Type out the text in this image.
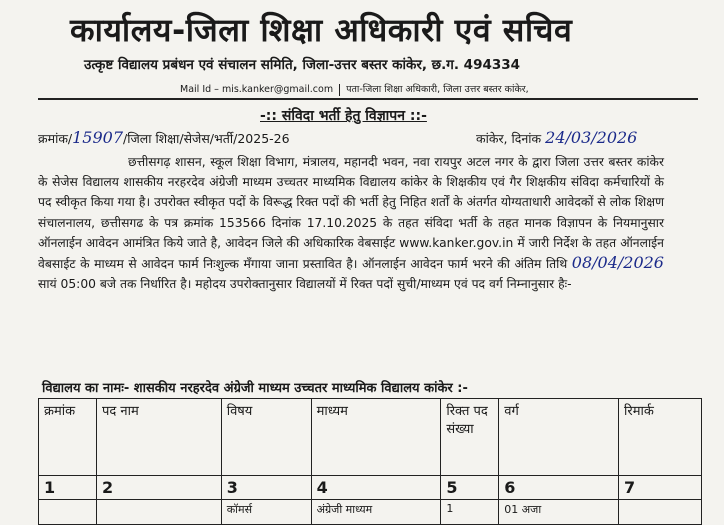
कार्यालय-जिला शिक्षा अधिकारी एवं सचिव
उत्कृष्ट विद्यालय प्रबंधन एवं संचालन समिति, जिला-उत्तर बस्तर कांकेर, छ.ग. 494334
Mail Id – mis.kanker@gmail.com पता-जिला शिक्षा अधिकारी, जिला उत्तर बस्तर कांकेर,
-:: संविदा भर्ती हेतु विज्ञापन ::-
क्रमांक/15907/जिला शिक्षा/सेजेस/भर्ती/2025-26	कांकेर, दिनांक 24/03/2026

छत्तीसगढ़ शासन, स्कूल शिक्षा विभाग, मंत्रालय, महानदी भवन, नवा रायपुर अटल नगर के द्वारा जिला उत्तर बस्तर कांकेर के सेजेस विद्यालय शासकीय नरहरदेव अंग्रेजी माध्यम उच्चतर माध्यमिक विद्यालय कांकेर के शिक्षकीय एवं गैर शिक्षकीय संविदा कर्मचारियों के पद स्वीकृत किया गया है। उपरोक्त स्वीकृत पदों के विरूद्ध रिक्त पदों की भर्ती हेतु निहित शर्तों के अंतर्गत योग्यताधारी आवेदकों से लोक शिक्षण संचालनालय, छत्तीसगढ के पत्र क्रमांक 153566 दिनांक 17.10.2025 के तहत संविदा भर्ती के तहत मानक विज्ञापन के नियमानुसार ऑनलाईन आवेदन आमंत्रित किये जाते है, आवेदन जिले की अधिकारिक वेबसाईट www.kanker.gov.in में जारी निर्देश के तहत ऑनलाईन वेबसाईट के माध्यम से आवेदन फार्म निःशुल्क मँगाया जाना प्रस्तावित है। ऑनलाईन आवेदन फार्म भरने की अंतिम तिथि 08/04/2026 सायं 05:00 बजे तक निर्धारित है। महोदय उपरोक्तानुसार विद्यालयों में रिक्त पदों सुची/माध्यम एवं पद वर्ग निम्नानुसार हैः-

विद्यालय का नामः- शासकीय नरहरदेव अंग्रेजी माध्यम उच्चतर माध्यमिक विद्यालय कांकेर :-
क्रमांक	पद नाम	विषय	माध्यम	रिक्त पद संख्या	वर्ग	रिमार्क
1	2	3	4	5	6	7
		कॉमर्स	अंग्रेजी माध्यम	1	01 अजा	
